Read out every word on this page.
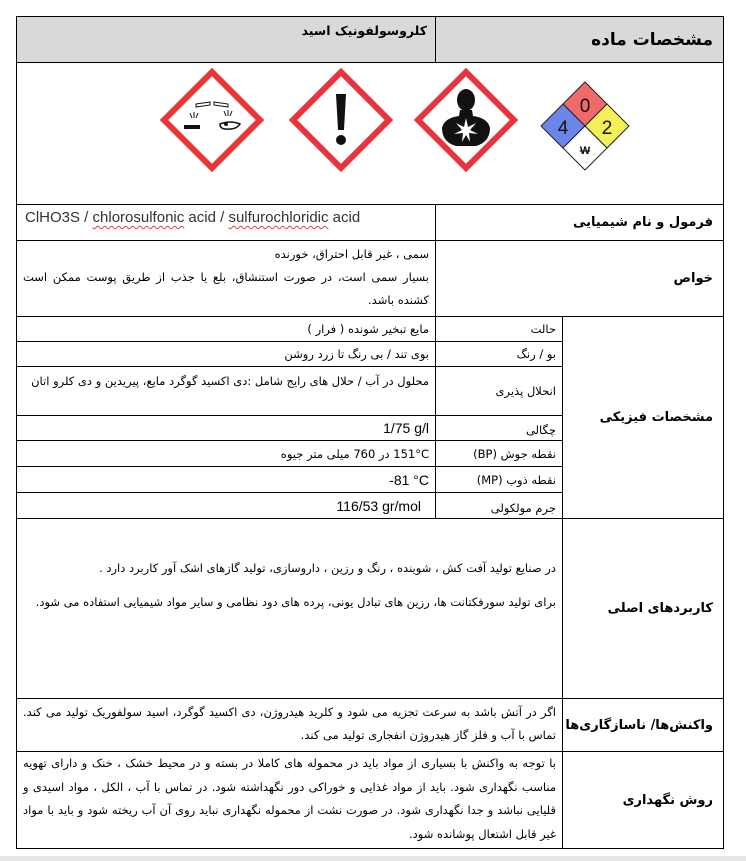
مشخصات ماده
کلروسولفونیک اسید
0
4 2
W
فرمول و نام شیمیایی
ClHO3S / chlorosulfonic acid / sulfurochloridic acid
خواص
سمی ، غیر قابل احتراق، خورنده
بسیار سمی است، در صورت استنشاق، بلع یا جذب از طریق پوست ممکن است کشنده باشد.
مشخصات فیزیکی
حالت
مایع تبخیر شونده ( فرار )
بو / رنگ
بوی تند / بی رنگ تا زرد روشن
انحلال پذیری
محلول در آب / حلال های رایج شامل :دی اکسید گوگرد مایع، پیریدین و دی کلرو اتان
چگالی
1/75 g/l
نقطه جوش (BP)
151°C در 760 میلی متر جیوه
نقطه ذوب (MP)
-81 °C
جرم مولکولی
116/53 gr/mol
کاربردهای اصلی
در صنایع تولید آفت کش ، شوینده ، رنگ و رزین ، داروسازی، تولید گازهای اشک آور کاربرد دارد .
برای تولید سورفکتانت ها، رزین های تبادل یونی، پرده های دود نظامی و سایر مواد شیمیایی استفاده می شود.
واکنش‌ها/ ناسازگاری‌ها
اگر در آتش باشد به سرعت تجزیه می شود و کلرید هیدروژن، دی اکسید گوگرد، اسید سولفوریک تولید می کند. تماس با آب و فلز گاز هیدروژن انفجاری تولید می کند.
روش نگهداری
با توجه به واکنش با بسیاری از مواد باید در محموله های کاملا در بسته و در محیط خشک ، خنک و دارای تهویه مناسب نگهداری شود. باید از مواد غذایی و خوراکی دور نگهداشته شود. در تماس با آب ، الکل ، مواد اسیدی و قلیایی نباشد و جدا نگهداری شود. در صورت نشت از محموله نگهداری نباید روی آن آب ریخته شود و باید با مواد غیر قابل اشتعال پوشانده شود.
